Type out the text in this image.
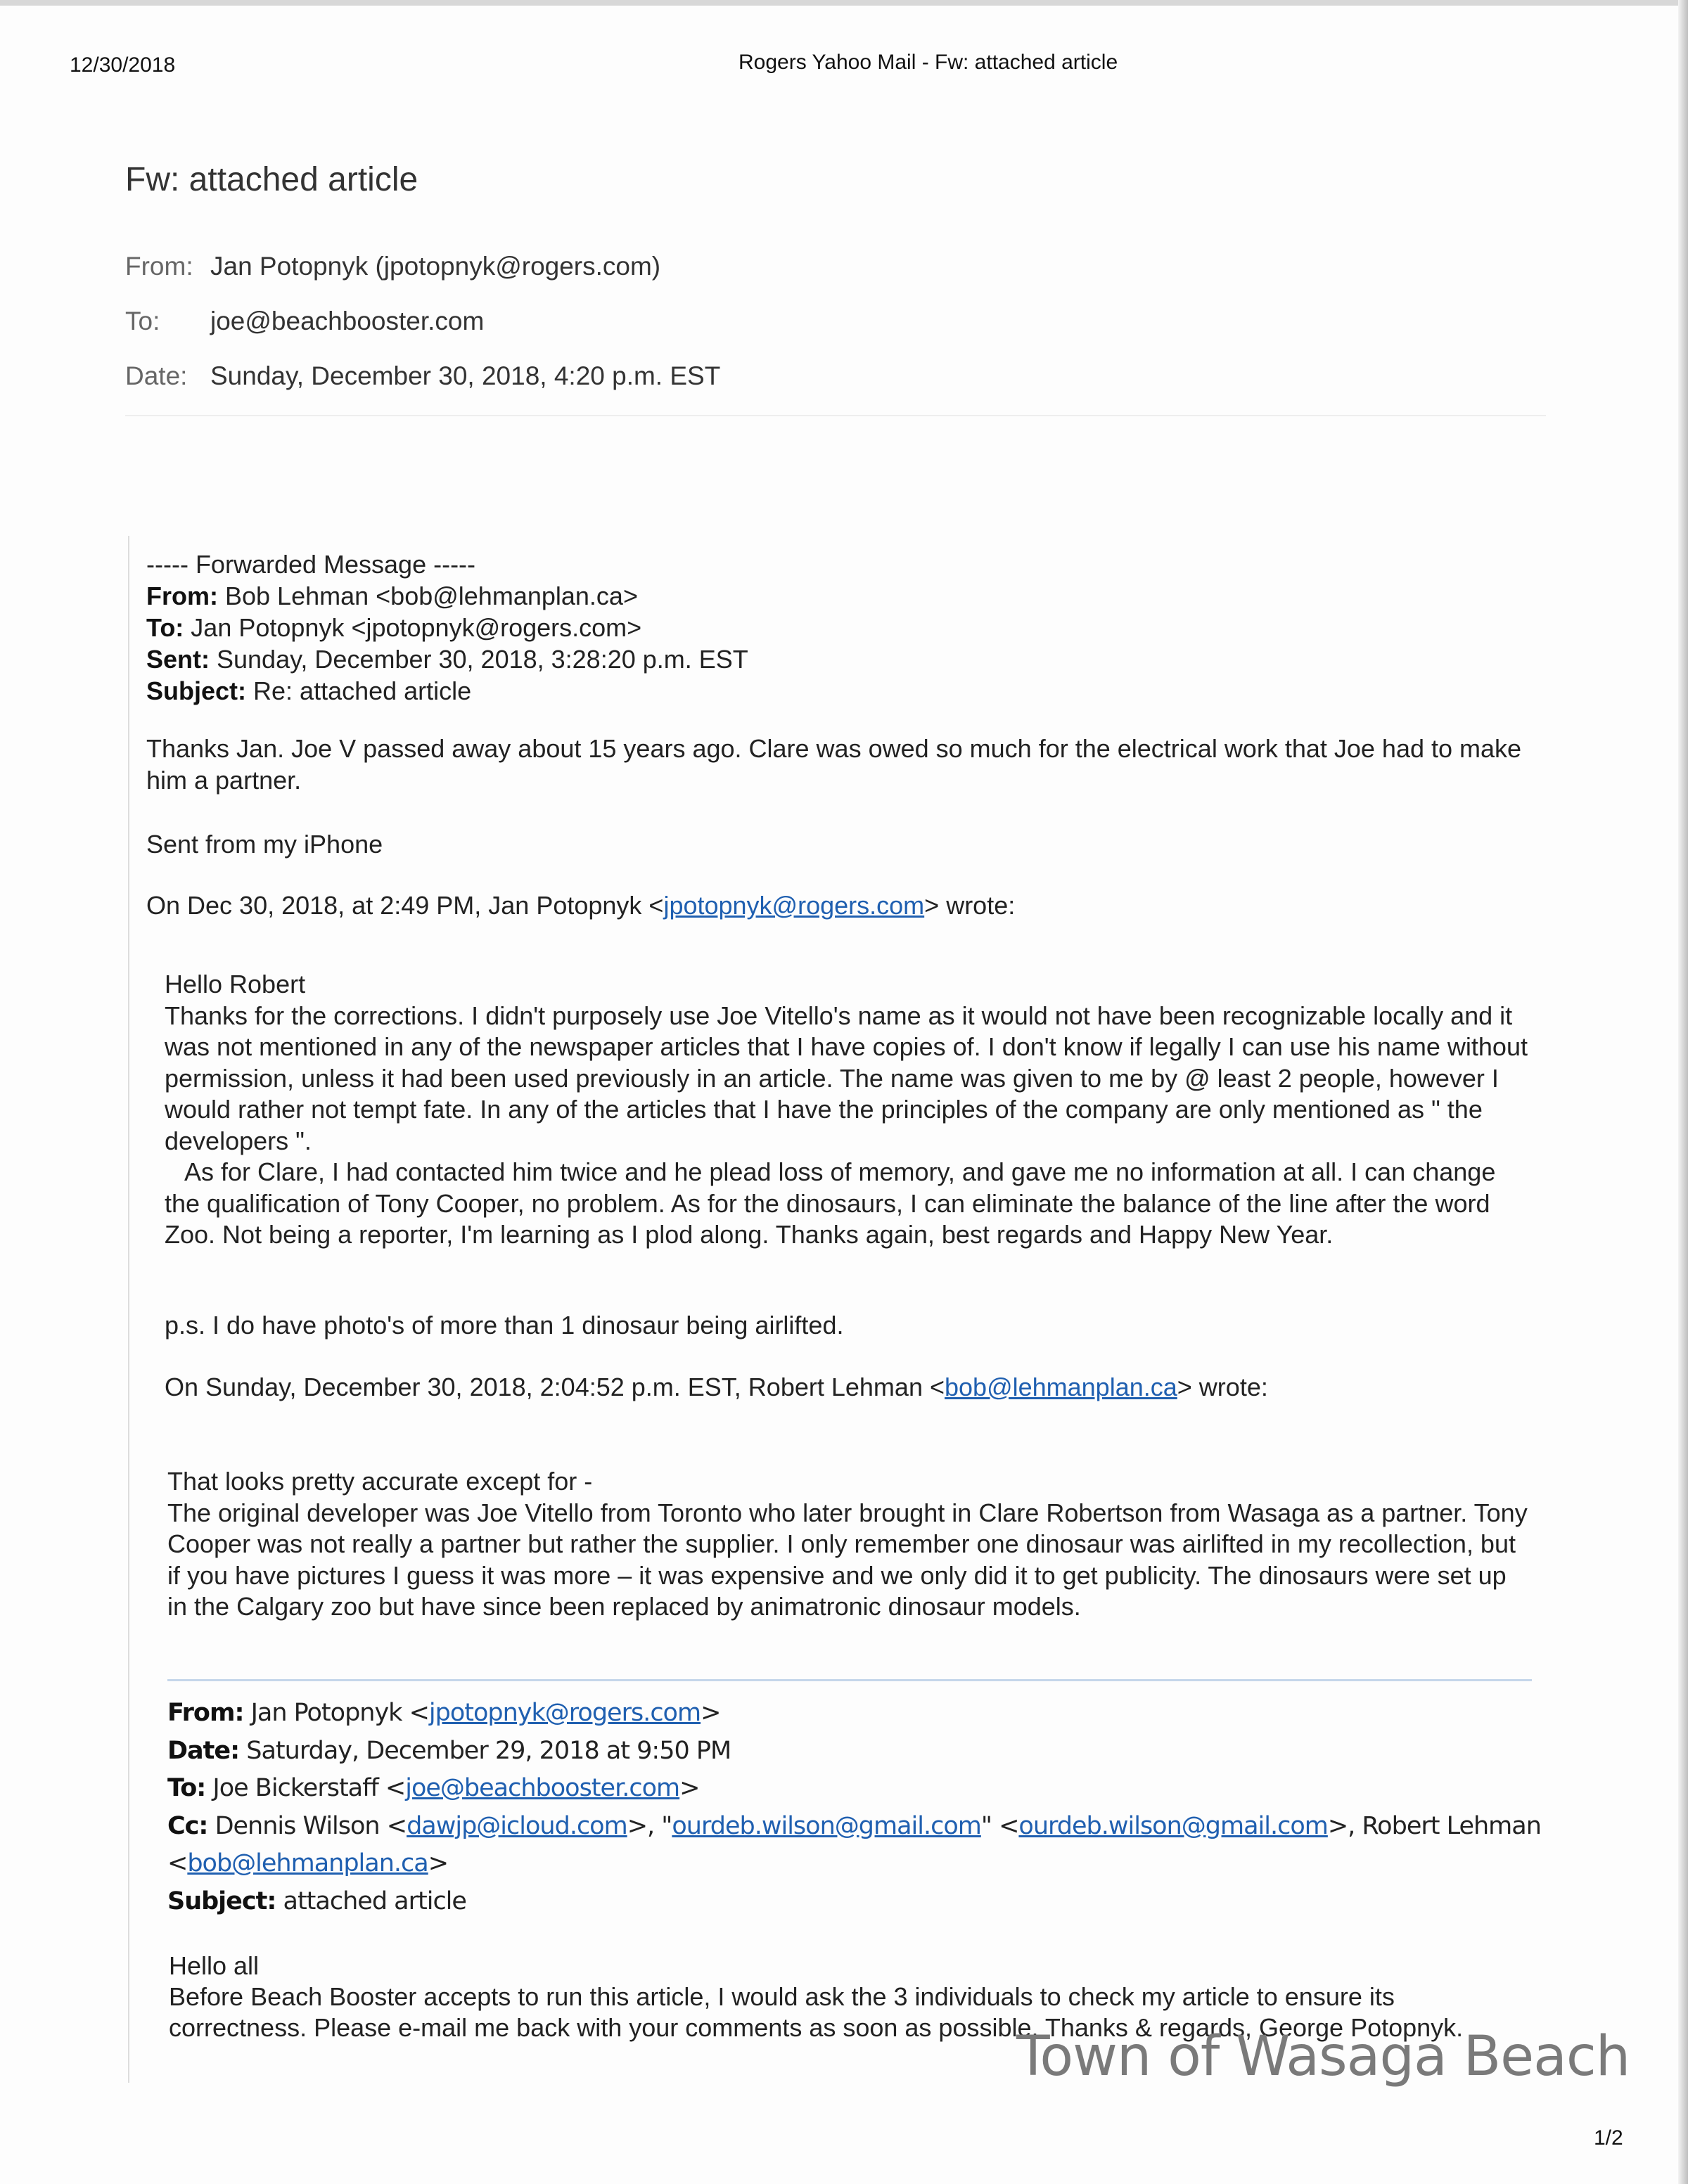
12/30/2018	Rogers Yahoo Mail - Fw: attached article
Fw: attached article
From: Jan Potopnyk (jpotopnyk@rogers.com)
To: joe@beachbooster.com
Date: Sunday, December 30, 2018, 4:20 p.m. EST

----- Forwarded Message -----

From: Bob Lehman <bob@lehmanplan.ca>

To: Jan Potopnyk <jpotopnyk@rogers.com>

Sent: Sunday, December 30, 2018, 3:28:20 p.m. EST

Subject: Re: attached article

Thanks Jan. Joe V passed away about 15 years ago. Clare was owed so much for the electrical work that Joe had to make him a partner.
Sent from my iPhone
On Dec 30, 2018, at 2:49 PM, Jan Potopnyk <jpotopnyk@rogers.com> wrote:

Hello Robert

Thanks for the corrections. I didn't purposely use Joe Vitello's name as it would not have been recognizable locally and it was not mentioned in any of the newspaper articles that I have copies of. I don't know if legally I can use his name without permission, unless it had been used previously in an article. The name was given to me by @ least 2 people, however I would rather not tempt fate. In any of the articles that I have the principles of the company are only mentioned as " the developers ".

As for Clare, I had contacted him twice and he plead loss of memory, and gave me no information at all. I can change the qualification of Tony Cooper, no problem. As for the dinosaurs, I can eliminate the balance of the line after the word Zoo. Not being a reporter, I'm learning as I plod along. Thanks again, best regards and Happy New Year.

p.s. I do have photo's of more than 1 dinosaur being airlifted.
On Sunday, December 30, 2018, 2:04:52 p.m. EST, Robert Lehman <bob@lehmanplan.ca> wrote:

That looks pretty accurate except for -

The original developer was Joe Vitello from Toronto who later brought in Clare Robertson from Wasaga as a partner. Tony Cooper was not really a partner but rather the supplier. I only remember one dinosaur was airlifted in my recollection, but if you have pictures I guess it was more – it was expensive and we only did it to get publicity. The dinosaurs were set up in the Calgary zoo but have since been replaced by animatronic dinosaur models.

From: Jan Potopnyk <jpotopnyk@rogers.com>
Date: Saturday, December 29, 2018 at 9:50 PM
To: Joe Bickerstaff <joe@beachbooster.com>
Cc: Dennis Wilson <dawjp@icloud.com>, "ourdeb.wilson@gmail.com" <ourdeb.wilson@gmail.com>, Robert Lehman <bob@lehmanplan.ca>
Subject: attached article

Hello all

Before Beach Booster accepts to run this article, I would ask the 3 individuals to check my article to ensure its correctness. Please e-mail me back with your comments as soon as possible. Thanks & regards, George Potopnyk.

Town of Wasaga Beach
1/2
